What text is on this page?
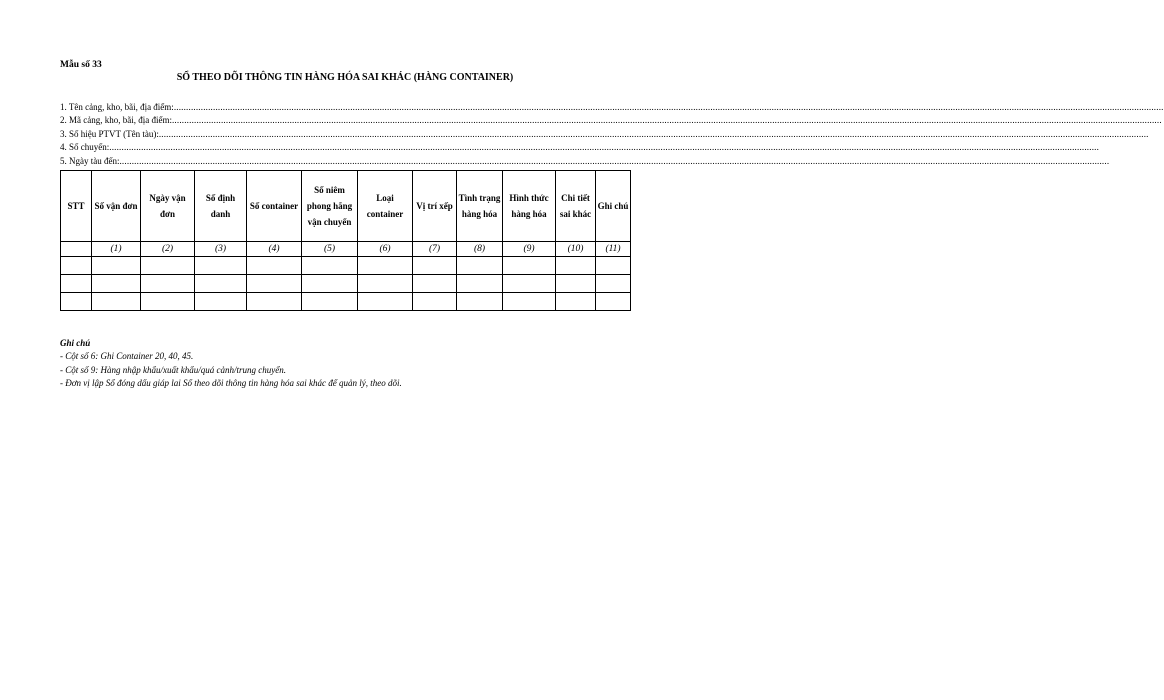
Mẫu số 33
SỔ THEO DÕI THÔNG TIN HÀNG HÓA SAI KHÁC (HÀNG CONTAINER)
1. Tên cảng, kho, bãi, địa điểm: ....................................................................................................................................................................................................................................................................................................................................................................................................................
2. Mã cảng, kho, bãi, địa điểm: ....................................................................................................................................................................................................................................................................................................................................................................................................................
3. Số hiệu PTVT (Tên tàu): ....................................................................................................................................................................................................................................................................................................................................................................................................................
4. Số chuyến: ....................................................................................................................................................................................................................................................................................................................................................................................................................
5. Ngày tàu đến: ....................................................................................................................................................................................................................................................................................................................................................................................................................
STT	Số vận đơn	Ngày vận đơn	Số định danh	Số container	Số niêm phong hãng vận chuyển	Loại container	Vị trí xếp	Tình trạng hàng hóa	Hình thức hàng hóa	Chi tiết sai khác	Ghi chú
	(1)	(2)	(3)	(4)	(5)	(6)	(7)	(8)	(9)	(10)	(11)

Ghi chú
- Cột số 6: Ghi Container 20, 40, 45.
- Cột số 9: Hàng nhập khẩu/xuất khẩu/quá cảnh/trung chuyển.
- Đơn vị lập Sổ đóng dấu giáp lai Sổ theo dõi thông tin hàng hóa sai khác để quản lý, theo dõi.
